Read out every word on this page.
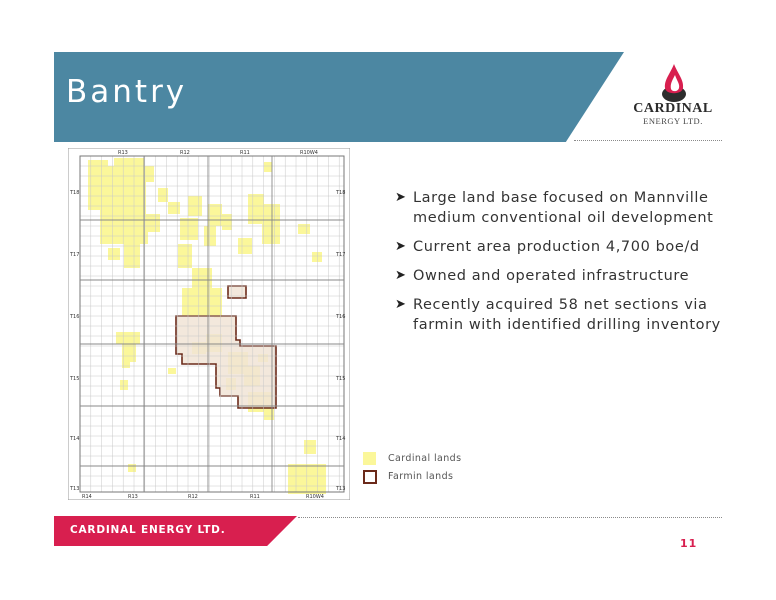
Bantry	CARDINAL
ENERGY LTD.
R13	R12	R11	R10W4
R14	R13	R12	R11	R10W4
T18
T17
T16
T15
T14
T13
T18
T17
T16
T15
T14
T13
➤ Large land base focused on Mannville medium conventional oil development
➤ Current area production 4,700 boe/d
➤ Owned and operated infrastructure
➤ Recently acquired 58 net sections via farmin with identified drilling inventory
Cardinal lands
Farmin lands
CARDINAL ENERGY LTD.
11
